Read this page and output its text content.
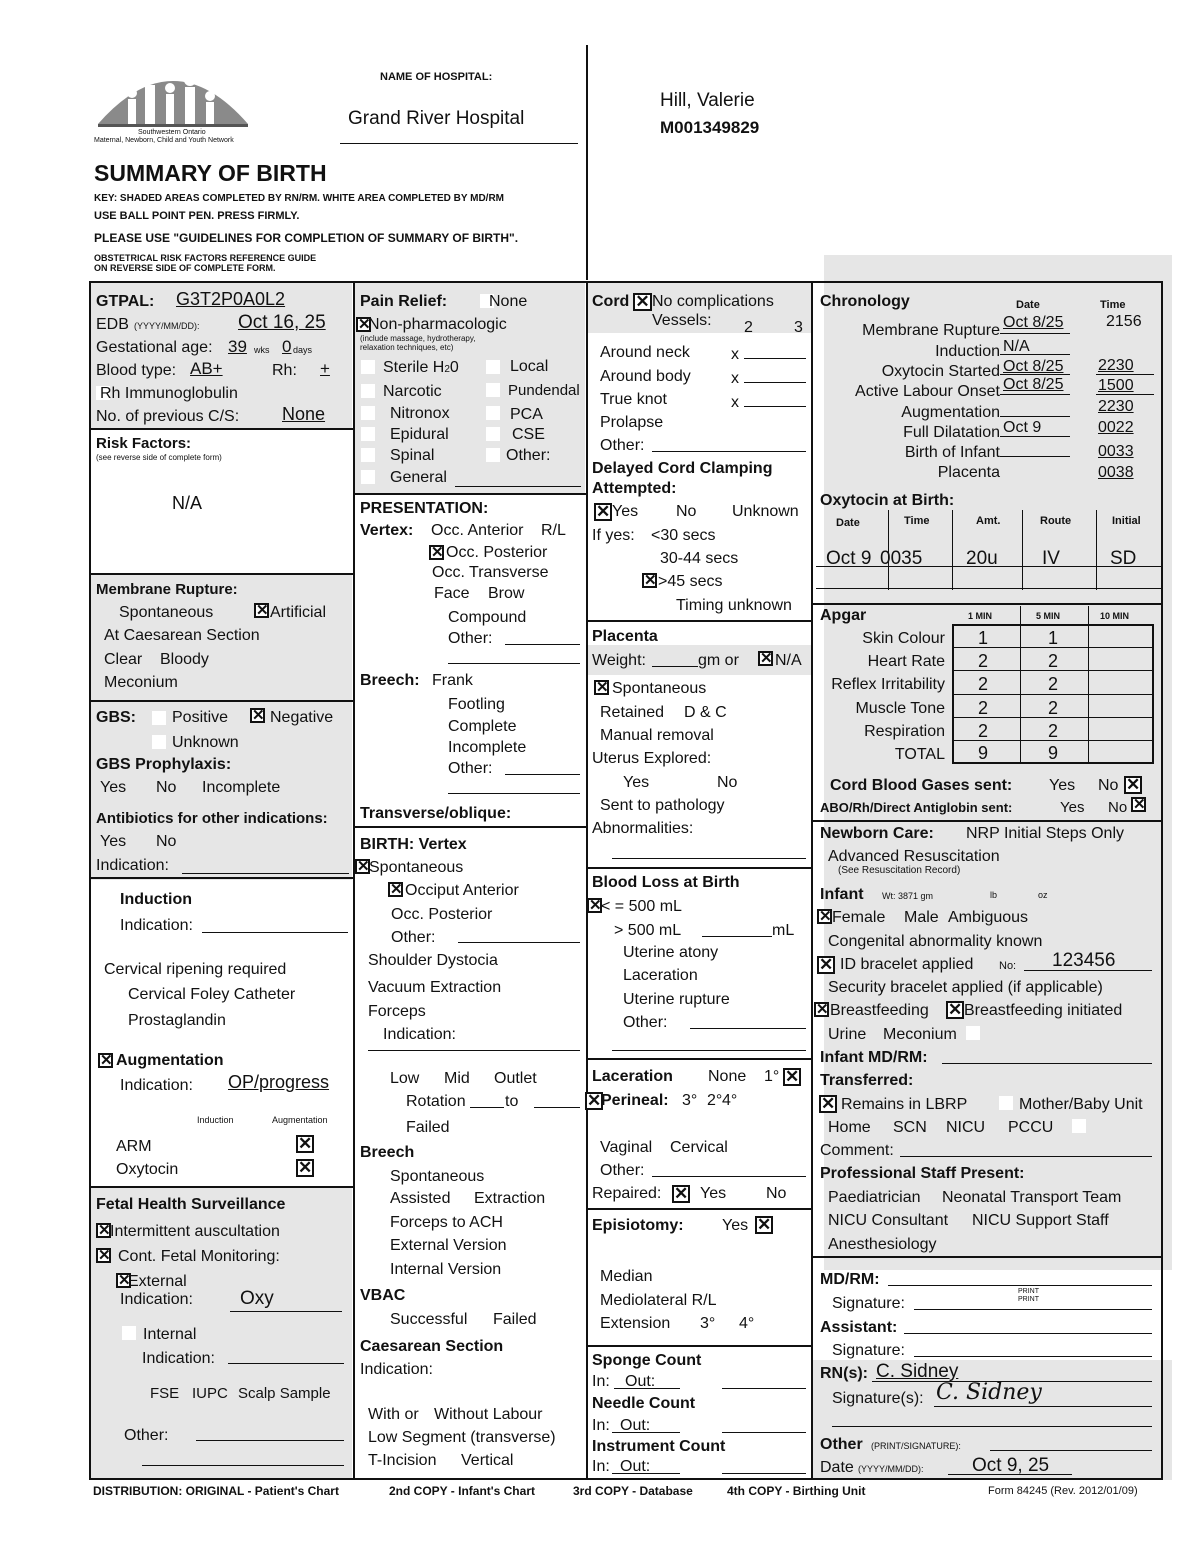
Southwestern Ontario
Maternal, Newborn, Child and Youth Network
NAME OF HOSPITAL:
Grand River Hospital
Hill, Valerie
M001349829
SUMMARY OF BIRTH
KEY: SHADED AREAS COMPLETED BY RN/RM. WHITE AREA COMPLETED BY MD/RM
USE BALL POINT PEN. PRESS FIRMLY.
PLEASE USE "GUIDELINES FOR COMPLETION OF SUMMARY OF BIRTH".
OBSTETRICAL RISK FACTORS REFERENCE GUIDE
ON REVERSE SIDE OF COMPLETE FORM.
GTPAL: G3T2P0A0L2
EDB (YYYY/MM/DD): Oct 16, 25
Gestational age: 39 wks 0 days
Blood type: AB+	Rh: +
Rh Immunoglobulin
No. of previous C/S: None
Risk Factors:
(see reverse side of complete form)
N/A
Membrane Rupture:
Spontaneous	✕ Artificial
At Caesarean Section
Clear Bloody
Meconium
GBS: Positive ✕ Negative
Unknown
GBS Prophylaxis:
Yes No Incomplete
Antibiotics for other indications:
Yes No
Indication:
Induction
Indication:
Cervical ripening required
Cervical Foley Catheter
Prostaglandin
✕ Augmentation
Indication: OP/progress
Induction	Augmentation
ARM	✕
Oxytocin	✕
Fetal Health Surveillance
✕ Intermittent auscultation
✕ Cont. Fetal Monitoring:
✕
External
Indication: Oxy
Internal
Indication:
FSE IUPC Scalp Sample
Other:
Pain Relief:	None
✕
Non-pharmacologic
(include massage, hydrotherapy,
relaxation techniques, etc)
Sterile H20	Local
Narcotic	Pundendal
Nitronox	PCA
Epidural	CSE
Spinal	Other:
General
PRESENTATION:
Vertex: Occ. Anterior R/L
✕ Occ. Posterior
Occ. Transverse
Face Brow
Compound
Other:
Breech: Frank
Footling
Complete
Incomplete
Other:
Transverse/oblique:
BIRTH: Vertex
✕ Spontaneous
✕ Occiput Anterior
Occ. Posterior
Other:
Shoulder Dystocia
Vacuum Extraction
Forceps
Indication:
Low Mid Outlet
Rotation to
Failed
Breech
Spontaneous
Assisted Extraction
Forceps to ACH
External Version
Internal Version
VBAC
Successful Failed
Caesarean Section
Indication:
With or Without Labour
Low Segment (transverse)
T-Incision Vertical
Cord ✕ No complications
Vessels: 2	3
Around neck	x
Around body	x
True knot	x
Prolapse
Other:
Delayed Cord Clamping
Attempted:
✕ Yes No Unknown
If yes: <30 secs
30-44 secs
✕ >45 secs
Timing unknown
Placenta
Weight:	gm or ✕ N/A
✕ Spontaneous
Retained D & C
Manual removal
Uterus Explored:
Yes	No
Sent to pathology
Abnormalities:
Blood Loss at Birth
✕ < = 500 mL
> 500 mL	mL
Uterine atony
Laceration
Uterine rupture
Other:
Laceration None 1° ✕
✕ Perineal: 3° 2° 4°
Vaginal Cervical
Other:
Repaired: ✕ Yes No
Episiotomy: Yes ✕
Median
Mediolateral R/L
Extension 3° 4°
Sponge Count
In: Out:
Needle Count
In: Out:
Instrument Count
In: Out:
Chronology	Date	Time
Membrane Rupture Oct 8/25	2156
Induction N/A
Oxytocin Started Oct 8/25 2230
Active Labour Onset Oct 8/25 1500
Augmentation	2230
Full Dilatation Oct 9	0022
Birth of Infant	0033
Placenta	0038
Oxytocin at Birth:
Date	Time	Amt.	Route	Initial
Oct 9 0035 20u IV	SD
Apgar	1 MIN	5 MIN	10 MIN
Skin Colour 1	1
Heart Rate 2	2
Reflex Irritability 2	2
Muscle Tone 2	2
Respiration 2	2
TOTAL 9	9
Cord Blood Gases sent: Yes No ✕
ABO/Rh/Direct Antiglobin sent:	Yes No ✕
Newborn Care: NRP Initial Steps Only
Advanced Resuscitation
(See Resuscitation Record)
Infant Wt: 3871 gm	lb	oz
✕ Female Male Ambiguous
Congenital abnormality known
✕ ID bracelet applied No: 123456
Security bracelet applied (if applicable)
✕ Breastfeeding ✕ Breastfeeding initiated
Urine Meconium
Infant MD/RM:
Transferred:
✕ Remains in LBRP	Mother/Baby Unit
Home SCN NICU PCCU
Comment:
Professional Staff Present:
Paediatrician Neonatal Transport Team
NICU Consultant NICU Support Staff
Anesthesiology
MD/RM:
PRINT
PRINT
Signature:
Assistant:
Signature:
RN(s): C. Sidney
Signature(s): C. Sidney
Other (PRINT/SIGNATURE):
Date (YYYY/MM/DD):	Oct 9, 25
DISTRIBUTION: ORIGINAL - Patient's Chart	2nd COPY - Infant's Chart	3rd COPY - Database	4th COPY - Birthing Unit	Form 84245 (Rev. 2012/01/09)
